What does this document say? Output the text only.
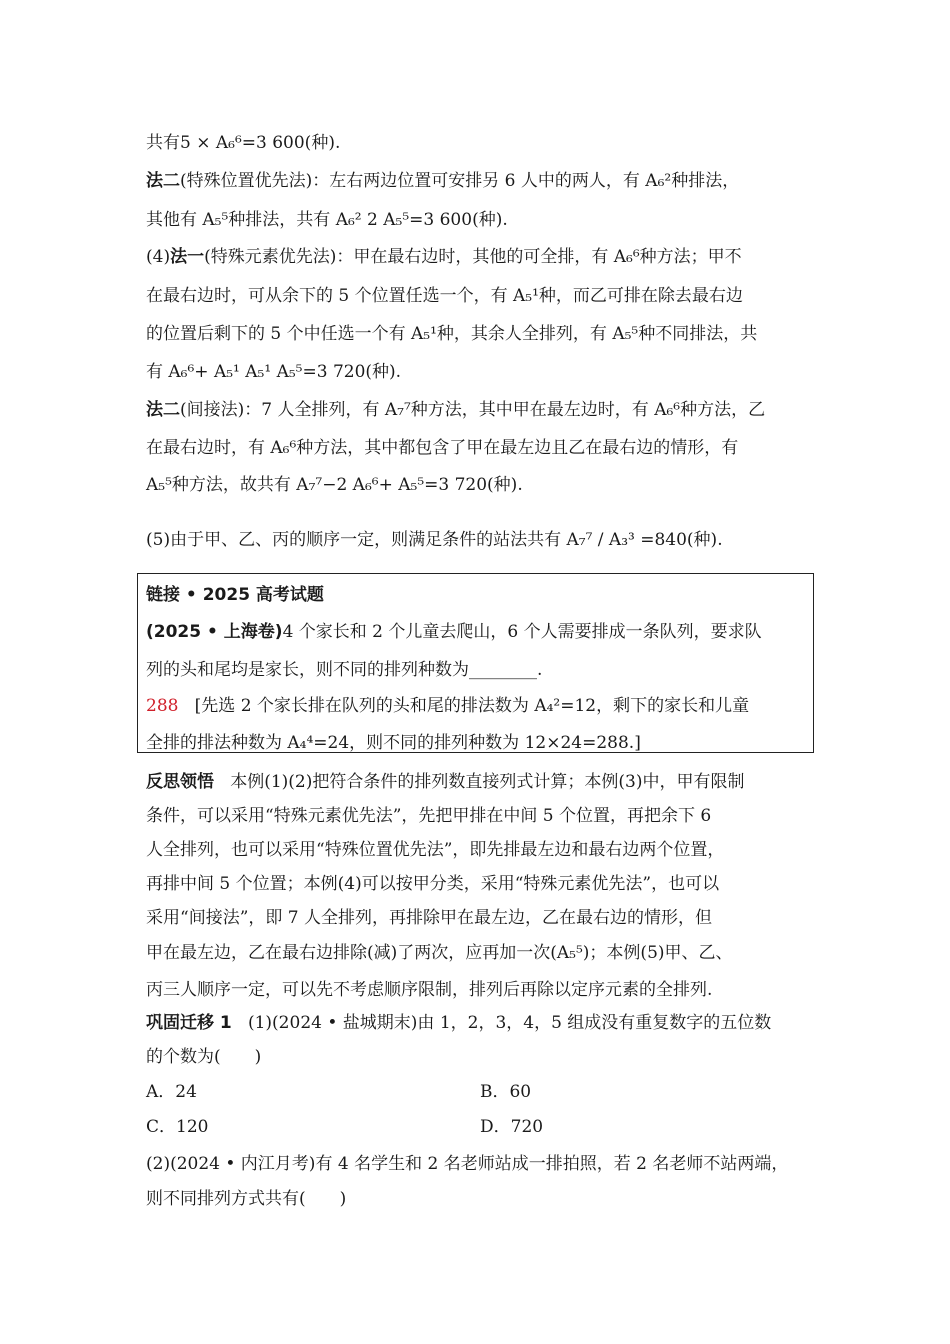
共有5 × A₆⁶=3 600(种).
法二(特殊位置优先法)：左右两边位置可安排另 6 人中的两人，有 A₆²种排法，
其他有 A₅⁵种排法，共有 A₆² 2 A₅⁵=3 600(种).
(4)法一(特殊元素优先法)：甲在最右边时，其他的可全排，有 A₆⁶种方法；甲不
在最右边时，可从余下的 5 个位置任选一个，有 A₅¹种，而乙可排在除去最右边
的位置后剩下的 5 个中任选一个有 A₅¹种，其余人全排列，有 A₅⁵种不同排法，共
有 A₆⁶+ A₅¹ A₅¹ A₅⁵=3 720(种).
法二(间接法)：7 人全排列，有 A₇⁷种方法，其中甲在最左边时，有 A₆⁶种方法，乙
在最右边时，有 A₆⁶种方法，其中都包含了甲在最左边且乙在最右边的情形，有
A₅⁵种方法，故共有 A₇⁷−2 A₆⁶+ A₅⁵=3 720(种).
(5)由于甲、乙、丙的顺序一定，则满足条件的站法共有 A₇⁷ / A₃³ =840(种).
链接 • 2025 高考试题
(2025 • 上海卷)4 个家长和 2 个儿童去爬山，6 个人需要排成一条队列，要求队
列的头和尾均是家长，则不同的排列种数为________.
288 [先选 2 个家长排在队列的头和尾的排法数为 A₄²=12，剩下的家长和儿童
全排的排法种数为 A₄⁴=24，则不同的排列种数为 12×24=288.]
反思领悟 本例(1)(2)把符合条件的排列数直接列式计算；本例(3)中，甲有限制
条件，可以采用“特殊元素优先法”，先把甲排在中间 5 个位置，再把余下 6
人全排列，也可以采用“特殊位置优先法”，即先排最左边和最右边两个位置，
再排中间 5 个位置；本例(4)可以按甲分类，采用“特殊元素优先法”，也可以
采用“间接法”，即 7 人全排列，再排除甲在最左边，乙在最右边的情形，但
甲在最左边，乙在最右边排除(减)了两次，应再加一次(A₅⁵)；本例(5)甲、乙、
丙三人顺序一定，可以先不考虑顺序限制，排列后再除以定序元素的全排列.
巩固迁移 1 (1)(2024 • 盐城期末)由 1，2，3，4，5 组成没有重复数字的五位数
的个数为(　　)
A．24	B．60
C．120	D．720
(2)(2024 • 内江月考)有 4 名学生和 2 名老师站成一排拍照，若 2 名老师不站两端，
则不同排列方式共有(　　)
